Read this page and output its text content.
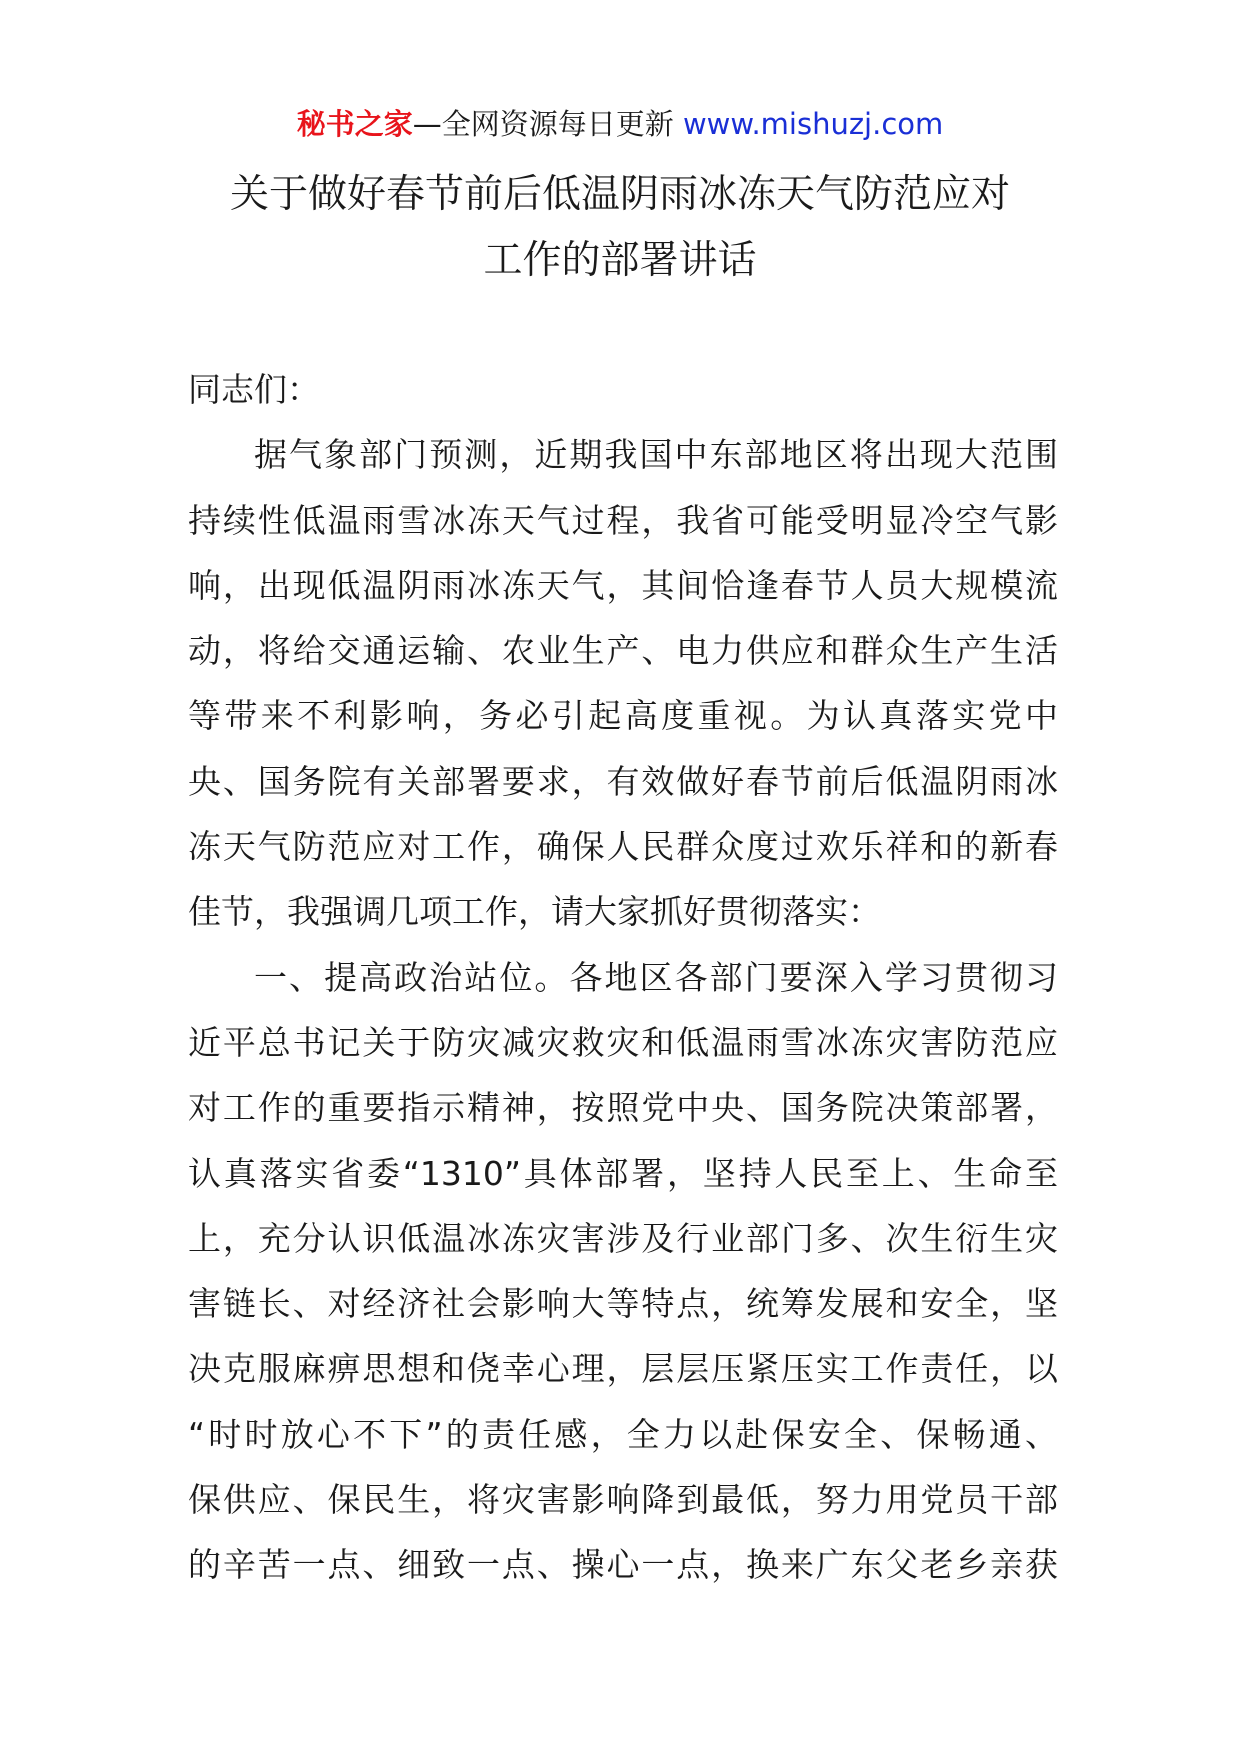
秘书之家—全网资源每日更新 www.mishuzj.com
关于做好春节前后低温阴雨冰冻天气防范应对
工作的部署讲话
同志们：
据气象部门预测，近期我国中东部地区将出现大范围
持续性低温雨雪冰冻天气过程，我省可能受明显冷空气影
响，出现低温阴雨冰冻天气，其间恰逢春节人员大规模流
动，将给交通运输、农业生产、电力供应和群众生产生活
等带来不利影响，务必引起高度重视。为认真落实党中
央、国务院有关部署要求，有效做好春节前后低温阴雨冰
冻天气防范应对工作，确保人民群众度过欢乐祥和的新春
佳节，我强调几项工作，请大家抓好贯彻落实：
一、提高政治站位。各地区各部门要深入学习贯彻习
近平总书记关于防灾减灾救灾和低温雨雪冰冻灾害防范应
对工作的重要指示精神，按照党中央、国务院决策部署，
认真落实省委“1310”具体部署，坚持人民至上、生命至
上，充分认识低温冰冻灾害涉及行业部门多、次生衍生灾
害链长、对经济社会影响大等特点，统筹发展和安全，坚
决克服麻痹思想和侥幸心理，层层压紧压实工作责任，以
“时时放心不下”的责任感，全力以赴保安全、保畅通、
保供应、保民生，将灾害影响降到最低，努力用党员干部
的辛苦一点、细致一点、操心一点，换来广东父老乡亲获
